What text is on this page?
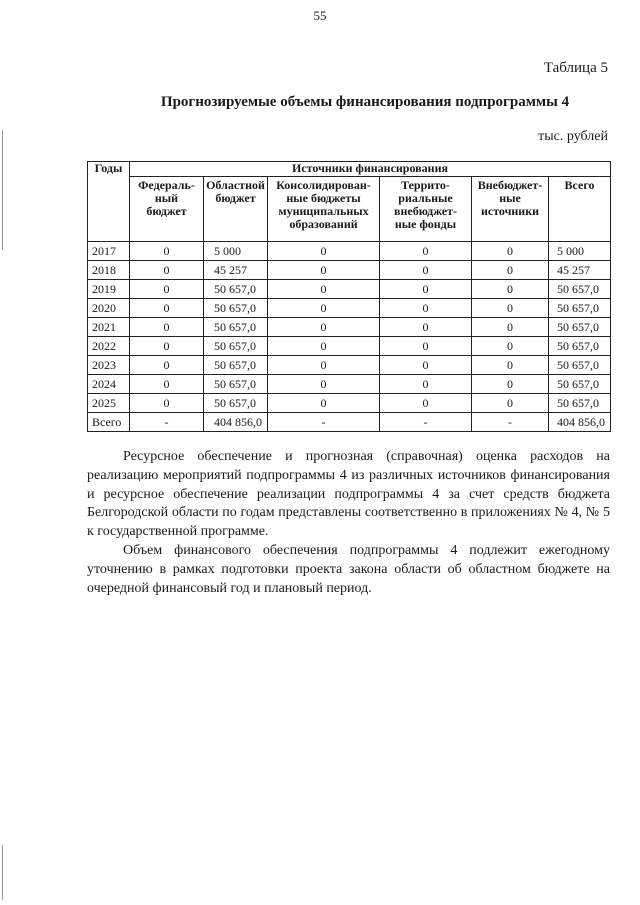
55
Таблица 5
Прогнозируемые объемы финансирования подпрограммы 4
тыс. рублей
Годы	Источники финансирования					
	Федераль-
ный
бюджет	Областной
бюджет	Консолидирован-
ные бюджеты
муниципальных
образований	Террито-
риальные
внебюджет-
ные фонды	Внебюджет-
ные
источники	Всего
2017	0	5 000	0	0	0	5 000
2018	0	45 257	0	0	0	45 257
2019	0	50 657,0	0	0	0	50 657,0
2020	0	50 657,0	0	0	0	50 657,0
2021	0	50 657,0	0	0	0	50 657,0
2022	0	50 657,0	0	0	0	50 657,0
2023	0	50 657,0	0	0	0	50 657,0
2024	0	50 657,0	0	0	0	50 657,0
2025	0	50 657,0	0	0	0	50 657,0
Всего	-	404 856,0	-	-	-	404 856,0

Ресурсное обеспечение и прогнозная (справочная) оценка расходов на реализацию мероприятий подпрограммы 4 из различных источников финансирования и ресурсное обеспечение реализации подпрограммы 4 за счет средств бюджета Белгородской области по годам представлены соответственно в приложениях № 4, № 5 к государственной программе.

Объем финансового обеспечения подпрограммы 4 подлежит ежегодному уточнению в рамках подготовки проекта закона области об областном бюджете на очередной финансовый год и плановый период.
